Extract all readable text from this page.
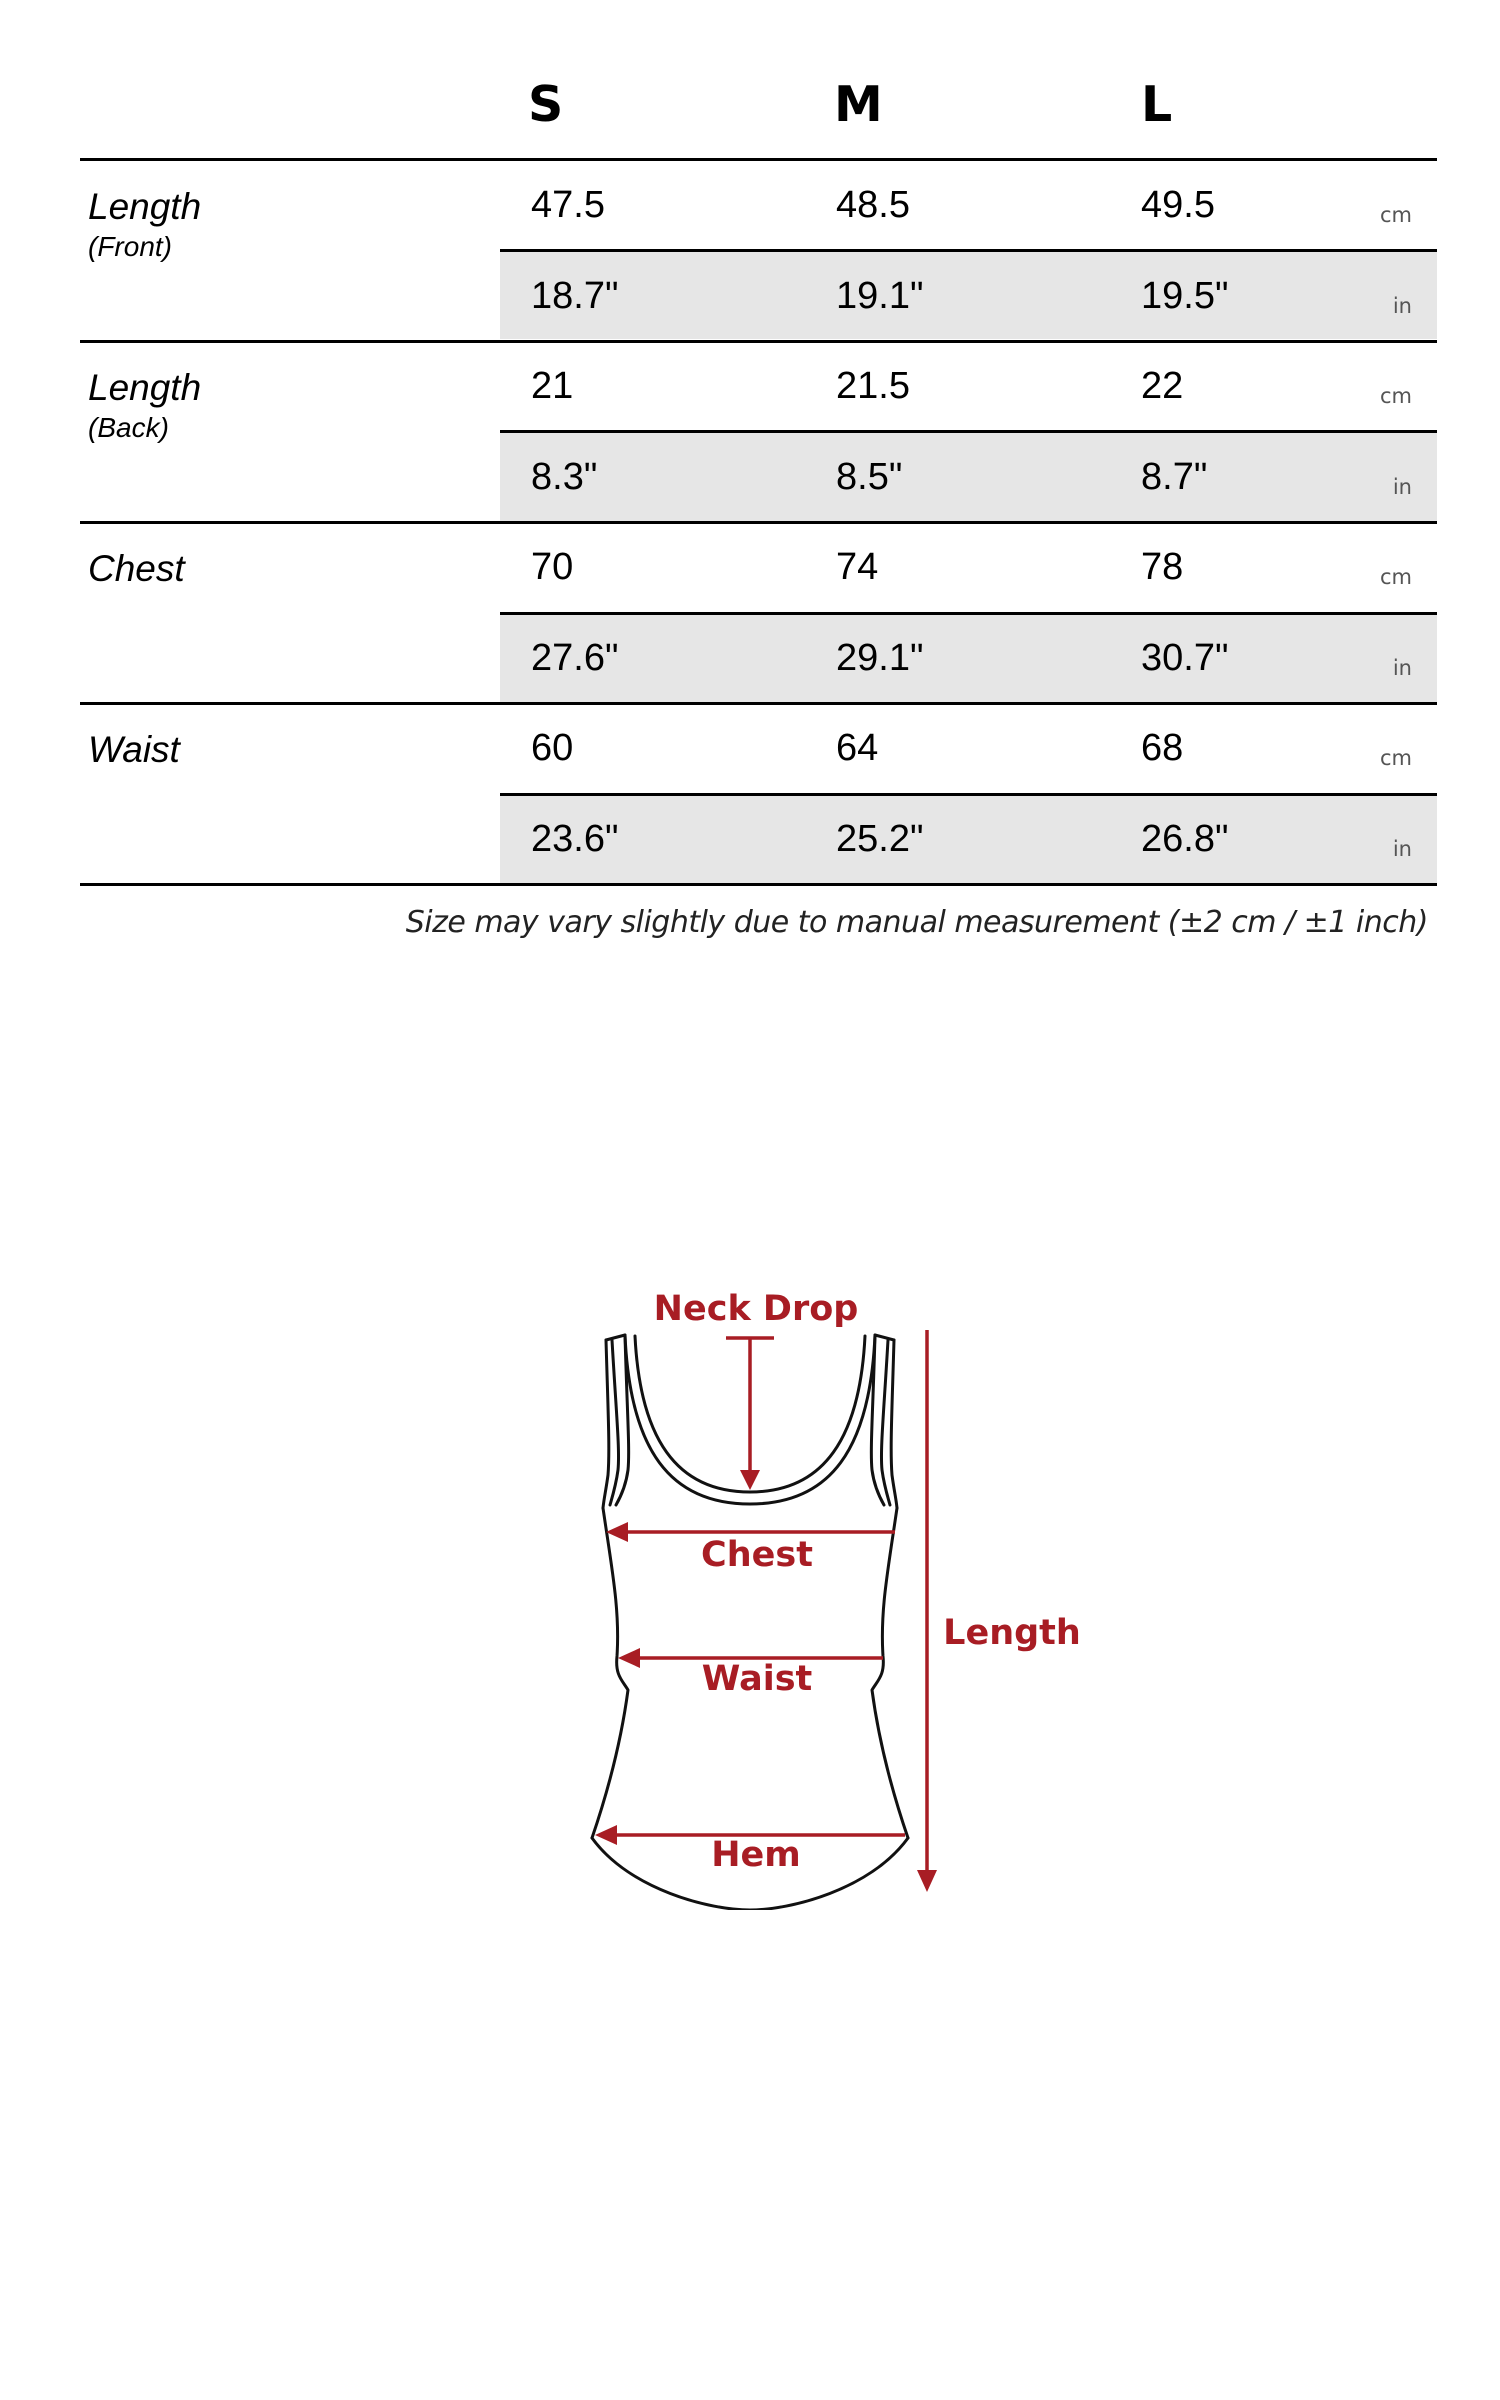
S	M	L
Length
(Front)
47.5	48.5	49.5	cm
18.7"	19.1"	19.5"	in
Length
(Back)
21	21.5	22	cm
8.3"	8.5"	8.7"	in
Chest	70	74	78	cm
27.6"	29.1"	30.7"	in
Waist	60	64	68	cm
23.6"	25.2"	26.8"	in
Size may vary slightly due to manual measurement (±2 cm / ±1 inch)
Neck Drop
Chest
Waist
Hem
Length
